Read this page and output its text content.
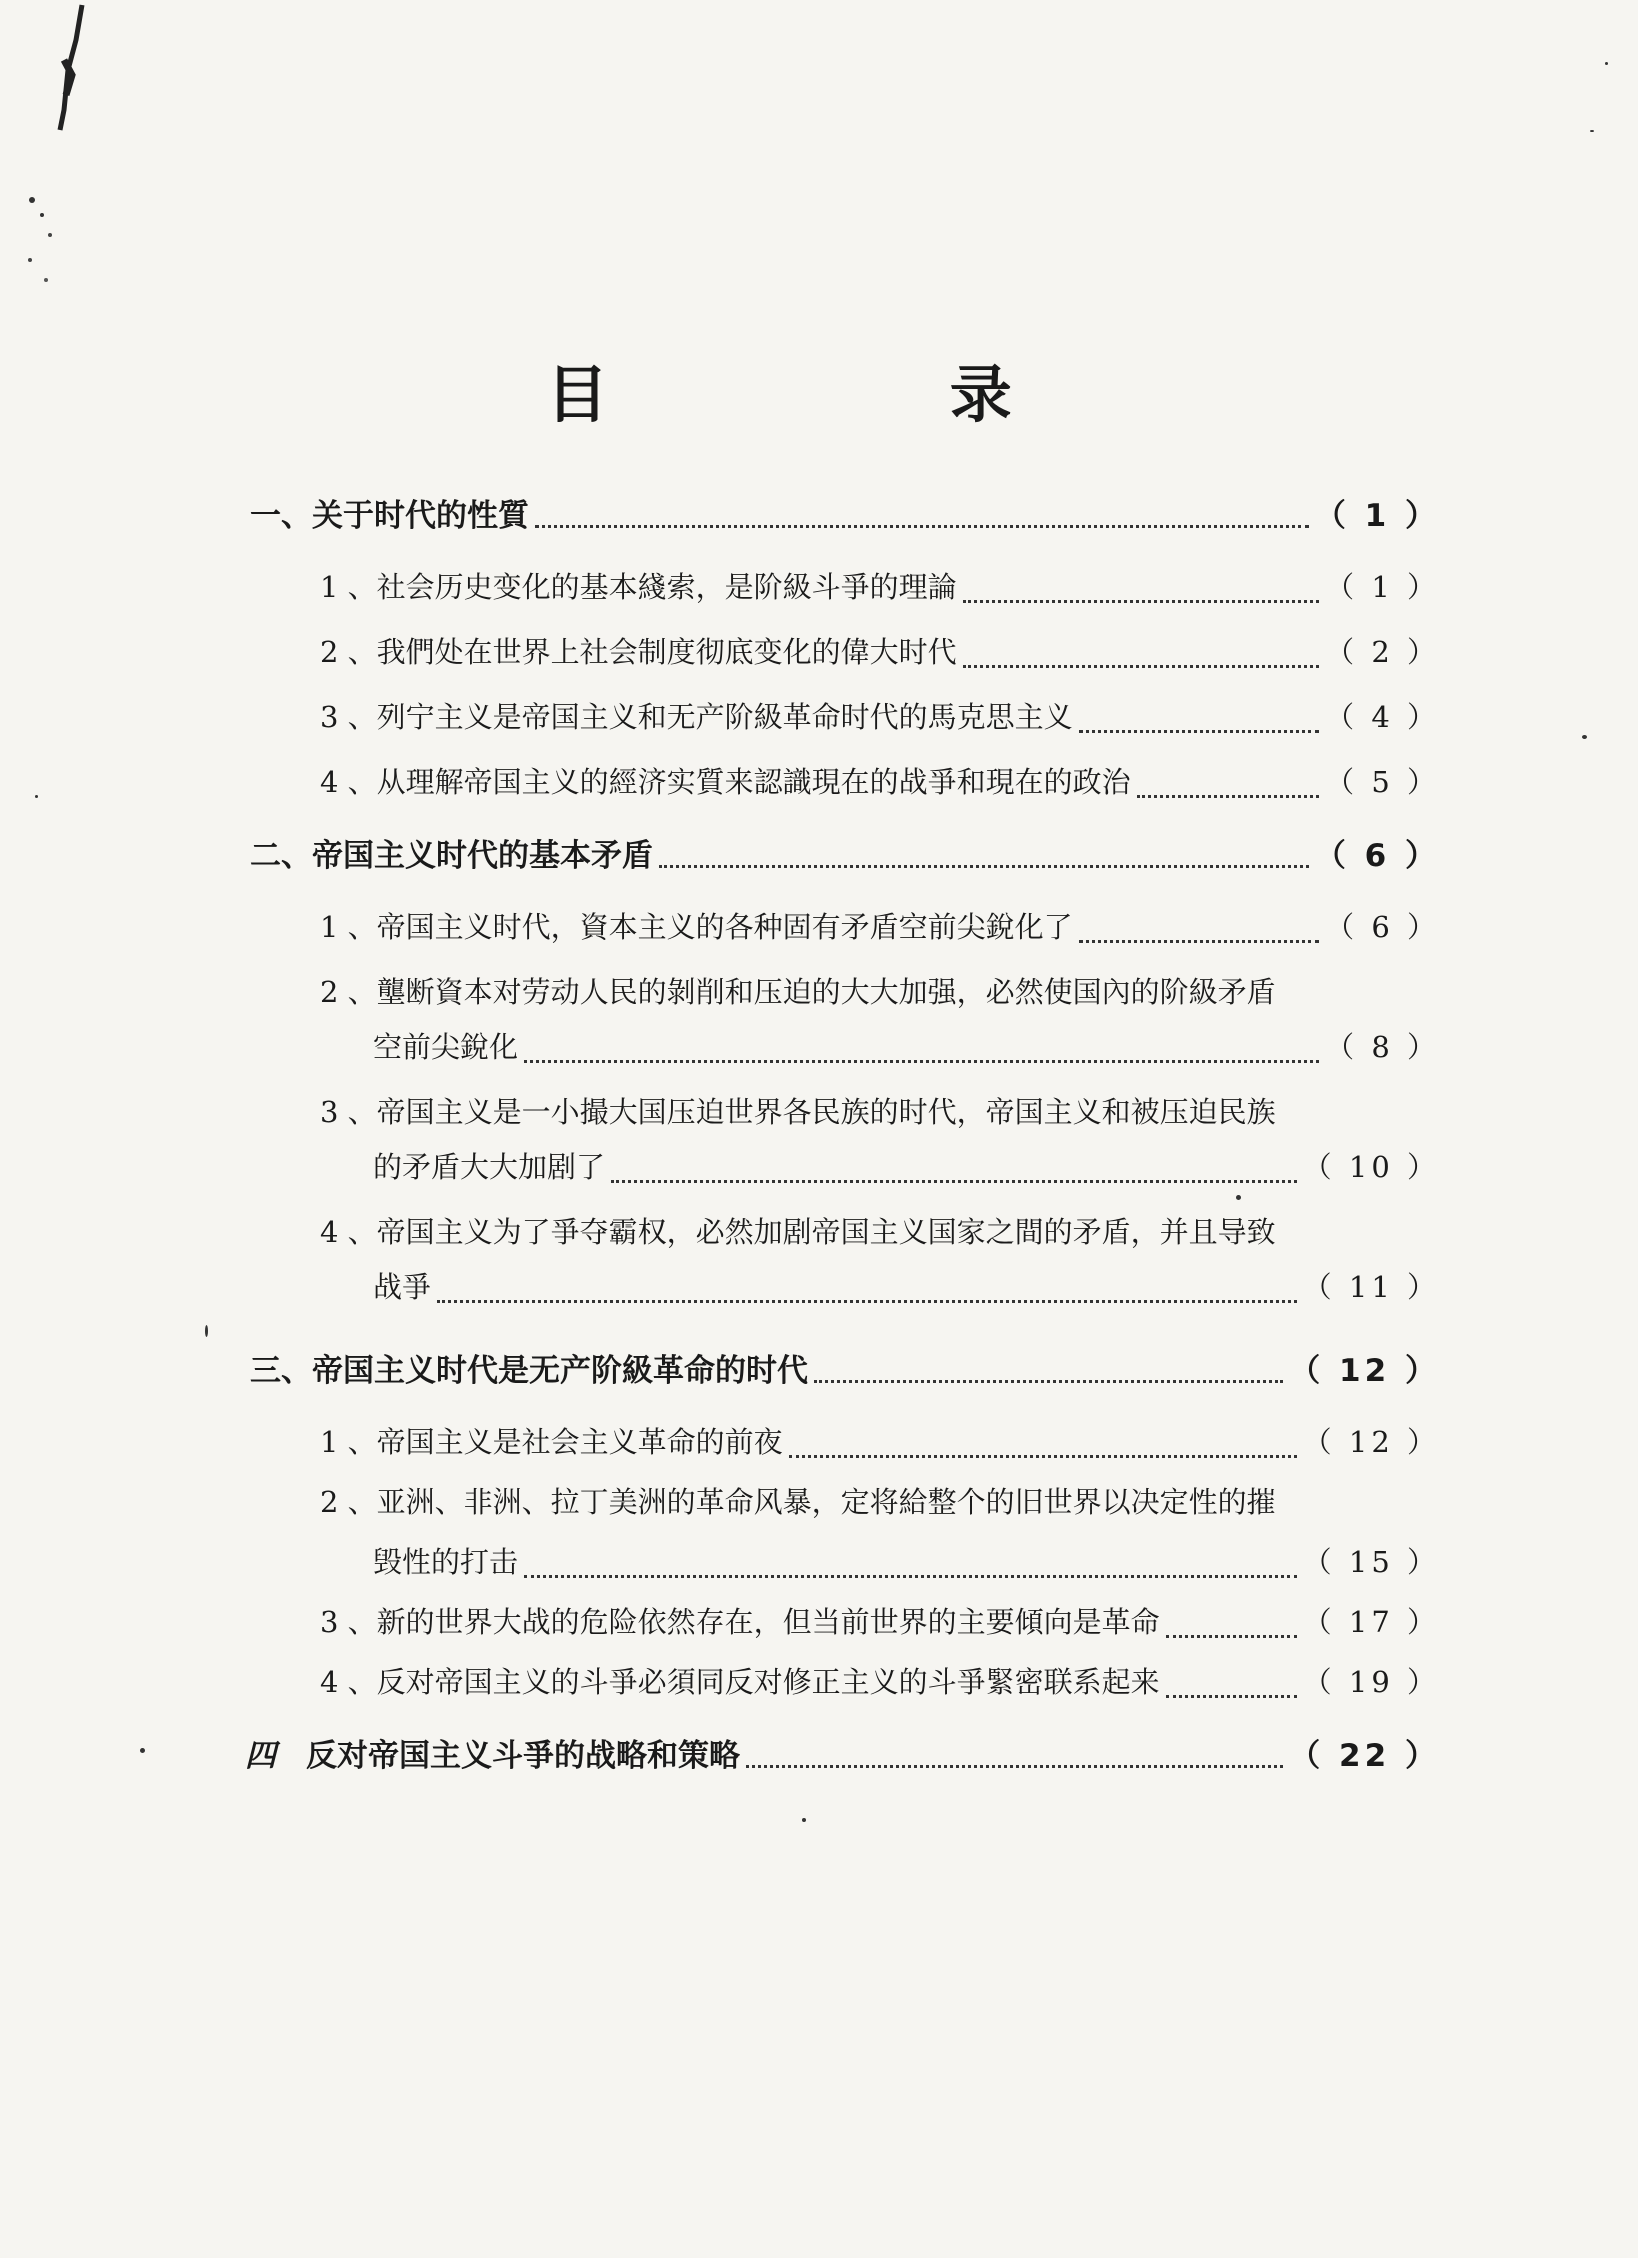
目 录
一、 关于时代的性質	（ 1 ）
1 、 社会历史变化的基本綫索，是阶級斗爭的理論	（ 1 ）
2 、 我們处在世界上社会制度彻底变化的偉大时代	（ 2 ）
3 、 列宁主义是帝国主义和无产阶級革命时代的馬克思主义	（ 4 ）
4 、 从理解帝国主义的經济实質来認識現在的战爭和現在的政治	（ 5 ）
二、 帝国主义时代的基本矛盾	（ 6 ）
1 、 帝国主义时代，資本主义的各种固有矛盾空前尖銳化了	（ 6 ）
2 、 壟断資本对劳动人民的剝削和压迫的大大加强，必然使国內的阶級矛盾
空前尖銳化	（ 8 ）
3 、 帝国主义是一小撮大国压迫世界各民族的时代，帝国主义和被压迫民族
的矛盾大大加剧了	（ 10 ）
4 、 帝国主义为了爭夺霸权，必然加剧帝国主义国家之間的矛盾，并且导致
战爭	（ 11 ）
三、 帝国主义时代是无产阶級革命的时代	（ 12 ）
1 、 帝国主义是社会主义革命的前夜	（ 12 ）
2 、 亚洲、非洲、拉丁美洲的革命风暴，定将給整个的旧世界以决定性的摧
毁性的打击	（ 15 ）
3 、 新的世界大战的危险依然存在，但当前世界的主要傾向是革命	（ 17 ）
4 、 反对帝国主义的斗爭必須同反对修正主义的斗爭緊密联系起来	（ 19 ）
四 反对帝国主义斗爭的战略和策略	（ 22 ）
